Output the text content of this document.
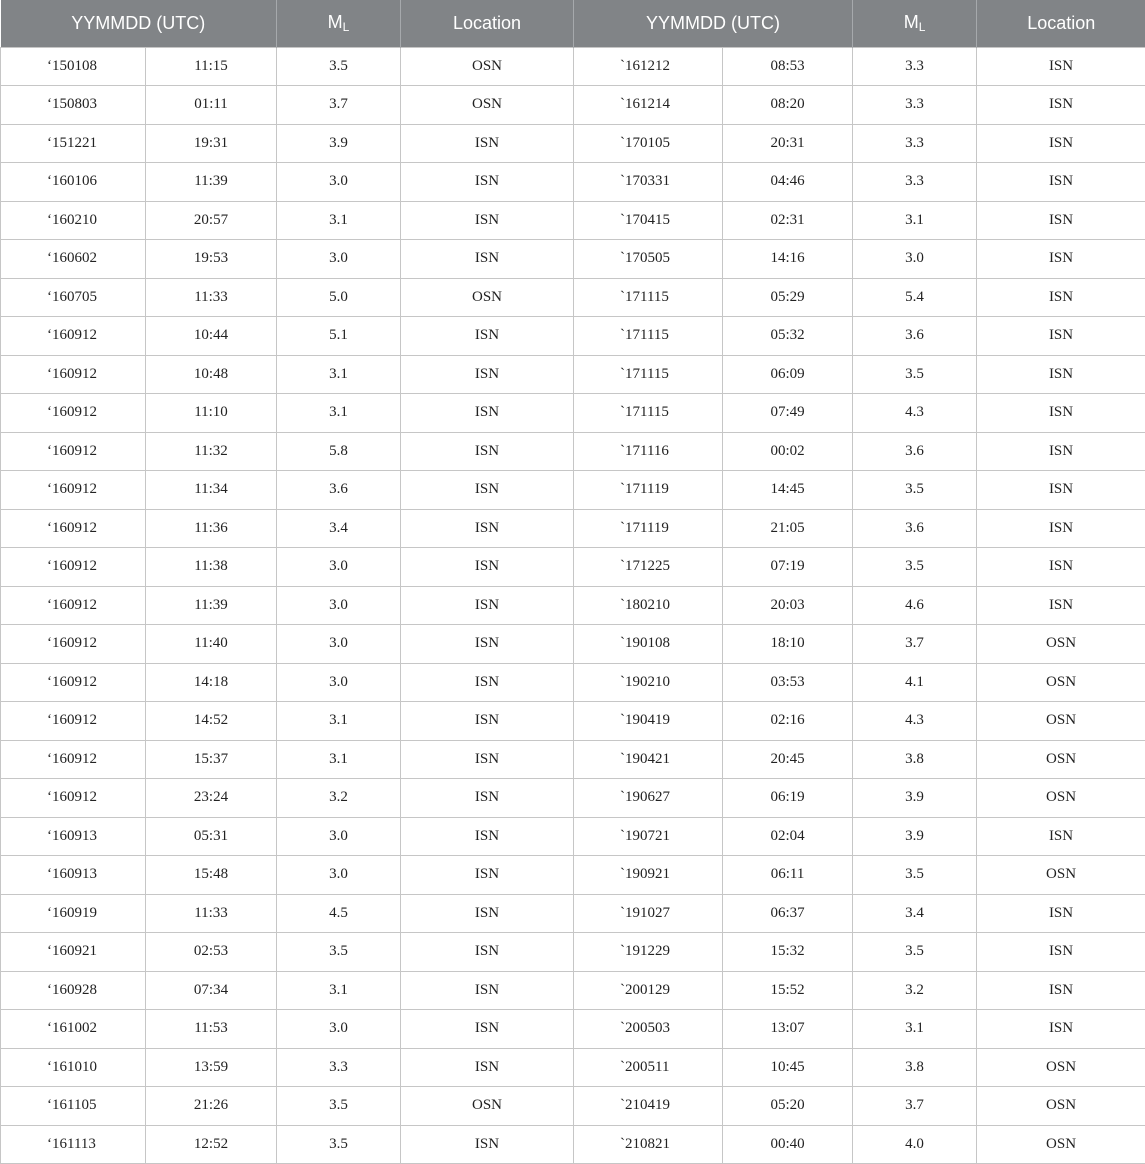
YYMMDD (UTC)		$M_L$	Location	YYMMDD (UTC)		$M_L$	Location
‘150108	11:15	3.5	OSN	`161212	08:53	3.3	ISN
‘150803	01:11	3.7	OSN	`161214	08:20	3.3	ISN
‘151221	19:31	3.9	ISN	`170105	20:31	3.3	ISN
‘160106	11:39	3.0	ISN	`170331	04:46	3.3	ISN
‘160210	20:57	3.1	ISN	`170415	02:31	3.1	ISN
‘160602	19:53	3.0	ISN	`170505	14:16	3.0	ISN
‘160705	11:33	5.0	OSN	`171115	05:29	5.4	ISN
‘160912	10:44	5.1	ISN	`171115	05:32	3.6	ISN
‘160912	10:48	3.1	ISN	`171115	06:09	3.5	ISN
‘160912	11:10	3.1	ISN	`171115	07:49	4.3	ISN
‘160912	11:32	5.8	ISN	`171116	00:02	3.6	ISN
‘160912	11:34	3.6	ISN	`171119	14:45	3.5	ISN
‘160912	11:36	3.4	ISN	`171119	21:05	3.6	ISN
‘160912	11:38	3.0	ISN	`171225	07:19	3.5	ISN
‘160912	11:39	3.0	ISN	`180210	20:03	4.6	ISN
‘160912	11:40	3.0	ISN	`190108	18:10	3.7	OSN
‘160912	14:18	3.0	ISN	`190210	03:53	4.1	OSN
‘160912	14:52	3.1	ISN	`190419	02:16	4.3	OSN
‘160912	15:37	3.1	ISN	`190421	20:45	3.8	OSN
‘160912	23:24	3.2	ISN	`190627	06:19	3.9	OSN
‘160913	05:31	3.0	ISN	`190721	02:04	3.9	ISN
‘160913	15:48	3.0	ISN	`190921	06:11	3.5	OSN
‘160919	11:33	4.5	ISN	`191027	06:37	3.4	ISN
‘160921	02:53	3.5	ISN	`191229	15:32	3.5	ISN
‘160928	07:34	3.1	ISN	`200129	15:52	3.2	ISN
‘161002	11:53	3.0	ISN	`200503	13:07	3.1	ISN
‘161010	13:59	3.3	ISN	`200511	10:45	3.8	OSN
‘161105	21:26	3.5	OSN	`210419	05:20	3.7	OSN
‘161113	12:52	3.5	ISN	`210821	00:40	4.0	OSN
